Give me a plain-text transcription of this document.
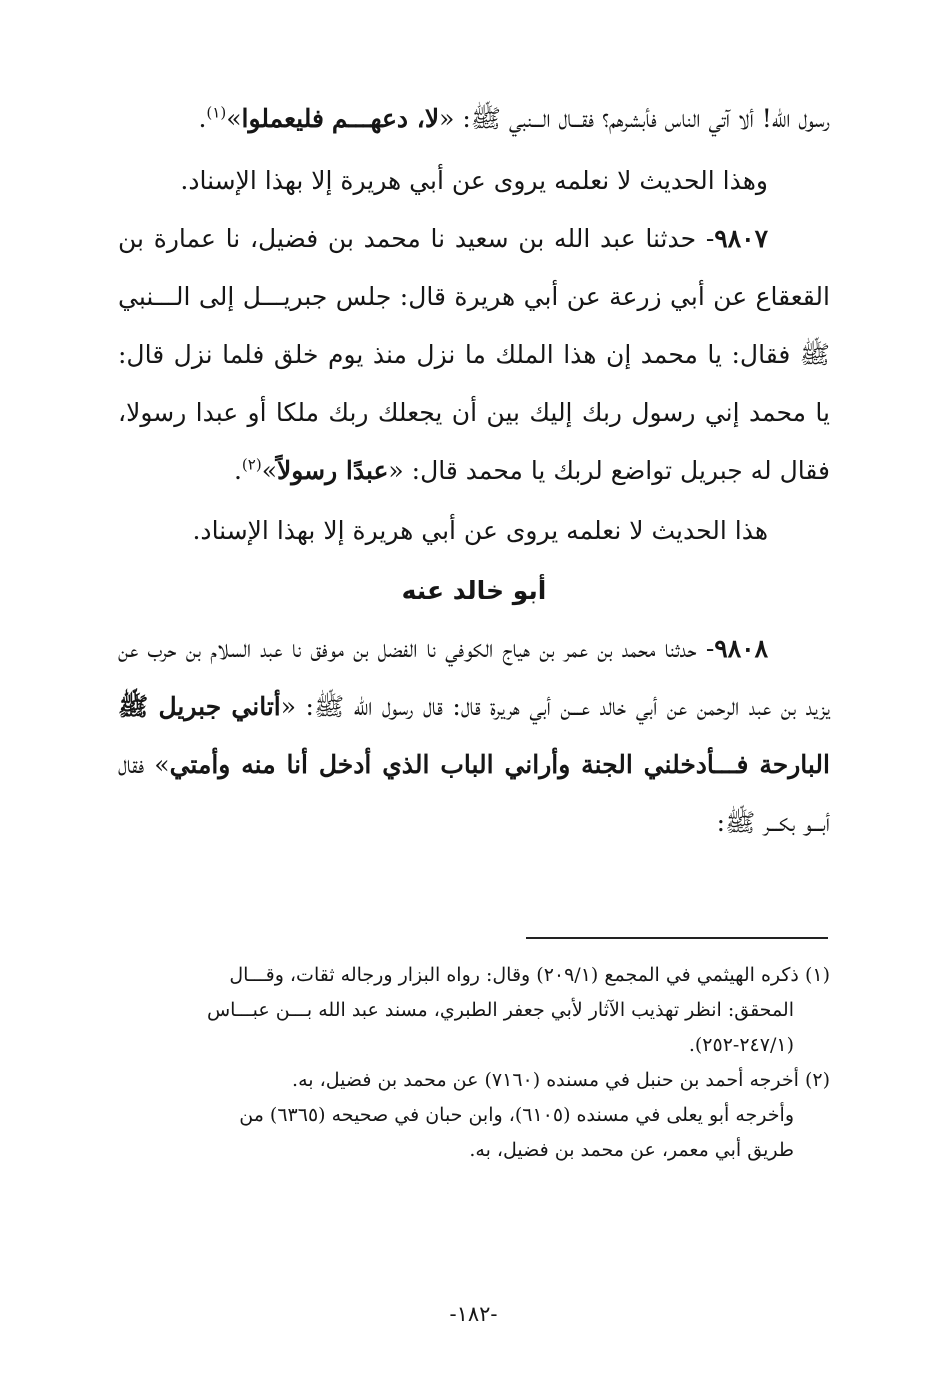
رسول الله! ألا آتي الناس فأبشرهم؟ فقـــال الـــنبي ﷺ: «لا، دعهـــم فليعملوا»$^{(١)}$.

وهذا الحديث لا نعلمه يروى عن أبي هريرة إلا بهذا الإسناد.

٩٨٠٧- حدثنا عبد الله بن سعيد نا محمد بن فضيل، نا عمارة بن القعقاع عن أبي زرعة عن أبي هريرة قال: جلس جبريـــل إلى الـــنبي ﷺ فقال: يا محمد إن هذا الملك ما نزل منذ يوم خلق فلما نزل قال: يا محمد إني رسول ربك إليك بين أن يجعلك ربك ملكا أو عبدا رسولا، فقال له جبريل تواضع لربك يا محمد قال: «عبدًا رسولاً»$^{(٢)}$.

هذا الحديث لا نعلمه يروى عن أبي هريرة إلا بهذا الإسناد.

أبو خالد عنه

٩٨٠٨- حدثنا محمد بن عمر بن هياج الكوفي نا الفضل بن موفق نا عبد السلام بن حرب عن يزيد بن عبد الرحمن عن أبي خالد عـــن أبي هريرة قال: قال رسول الله ﷺ: «أتاني جبريل ﷺ البارحة فـــأدخلني الجنة وأراني الباب الذي أدخل أنا منه وأمتي» فقال أبـــو بكـــر ﷺ:

(١) ذكره الهيثمي في المجمع (٢٠٩/١) وقال: رواه البزار ورجاله ثقات، وقـــال
المحقق: انظر تهذيب الآثار لأبي جعفر الطبري، مسند عبد الله بـــن عبـــاس
(٢٤٧/١-٢٥٢).
(٢) أخرجه أحمد بن حنبل في مسنده (٧١٦٠) عن محمد بن فضيل، به.
وأخرجه أبو يعلى في مسنده (٦١٠٥)، وابن حبان في صحيحه (٦٣٦٥) من
طريق أبي معمر، عن محمد بن فضيل، به.
-١٨٢-
